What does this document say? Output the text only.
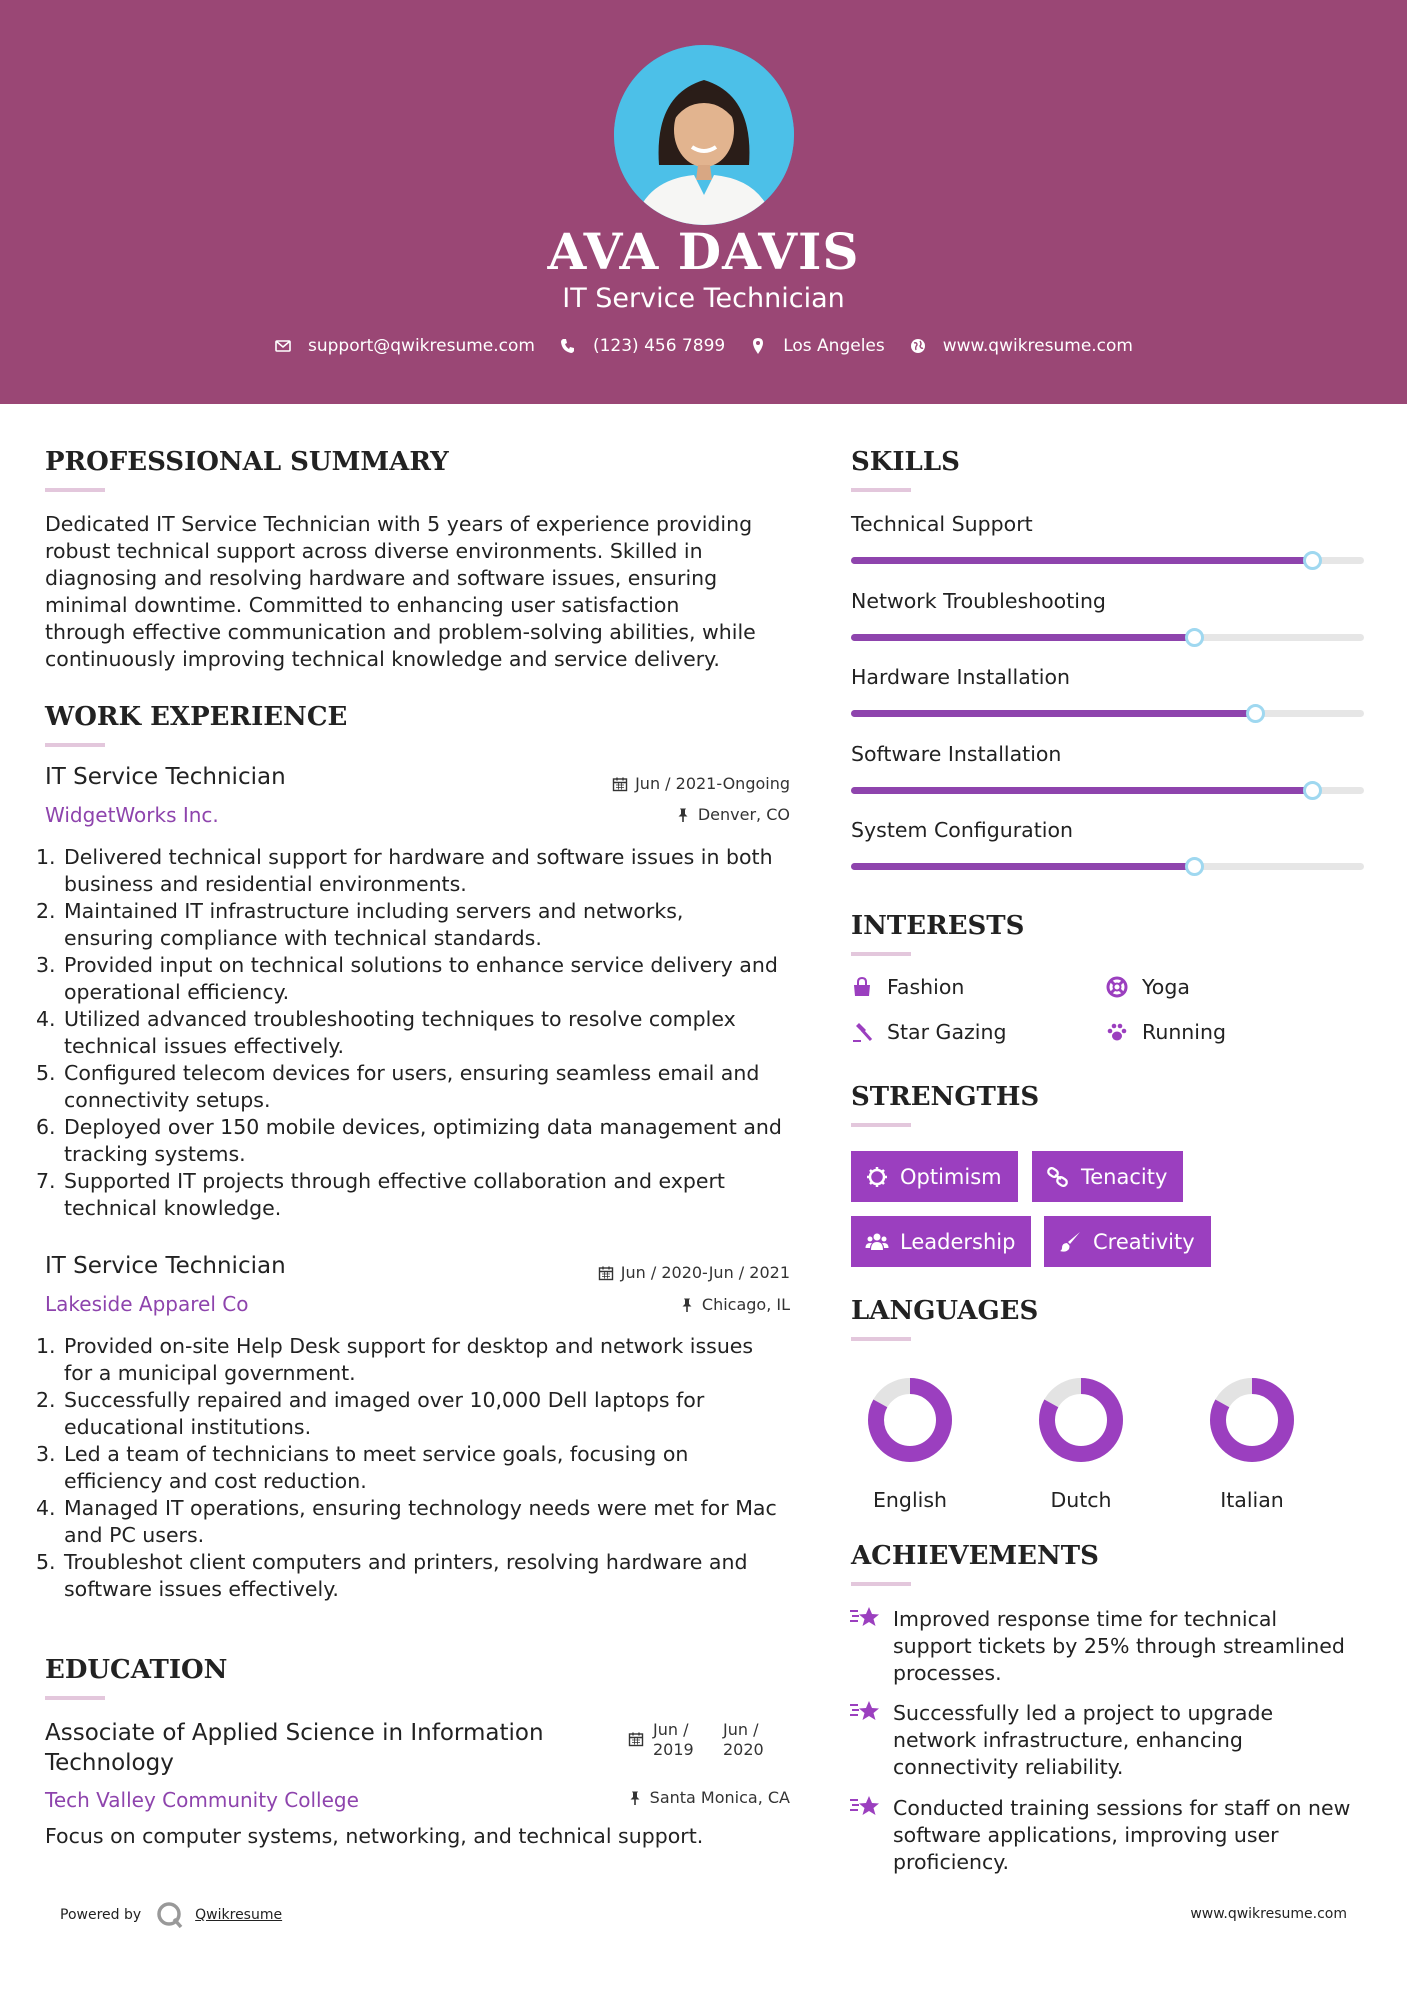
AVA DAVIS
IT Service Technician
support@qwikresume.com	(123) 456 7899	Los Angeles	www.qwikresume.com
PROFESSIONAL SUMMARY
Dedicated IT Service Technician with 5 years of experience providing
robust technical support across diverse environments. Skilled in
diagnosing and resolving hardware and software issues, ensuring
minimal downtime. Committed to enhancing user satisfaction
through effective communication and problem-solving abilities, while
continuously improving technical knowledge and service delivery.
WORK EXPERIENCE
IT Service Technician	Jun / 2021-Ongoing
WidgetWorks Inc.	Denver, CO
1. Delivered technical support for hardware and software issues in both
business and residential environments.
2. Maintained IT infrastructure including servers and networks,
ensuring compliance with technical standards.
3. Provided input on technical solutions to enhance service delivery and
operational efficiency.
4. Utilized advanced troubleshooting techniques to resolve complex
technical issues effectively.
5. Configured telecom devices for users, ensuring seamless email and
connectivity setups.
6. Deployed over 150 mobile devices, optimizing data management and
tracking systems.
7. Supported IT projects through effective collaboration and expert
technical knowledge.
IT Service Technician	Jun / 2020-Jun / 2021
Lakeside Apparel Co	Chicago, IL
1. Provided on-site Help Desk support for desktop and network issues
for a municipal government.
2. Successfully repaired and imaged over 10,000 Dell laptops for
educational institutions.
3. Led a team of technicians to meet service goals, focusing on
efficiency and cost reduction.
4. Managed IT operations, ensuring technology needs were met for Mac
and PC users.
5. Troubleshot client computers and printers, resolving hardware and
software issues effectively.
EDUCATION
Associate of Applied Science in Information
Technology
Jun /
2019
Jun /
2020
Tech Valley Community College	Santa Monica, CA
Focus on computer systems, networking, and technical support.
SKILLS
Technical Support
Network Troubleshooting
Hardware Installation
Software Installation
System Configuration
INTERESTS
Fashion	Yoga
Star Gazing	Running
STRENGTHS
Optimism	Tenacity
Leadership	Creativity
LANGUAGES
English	Dutch	Italian
ACHIEVEMENTS
Improved response time for technical
support tickets by 25% through streamlined
processes.
Successfully led a project to upgrade
network infrastructure, enhancing
connectivity reliability.
Conducted training sessions for staff on new
software applications, improving user
proficiency.
Powered by	Qwikresume	www.qwikresume.com
